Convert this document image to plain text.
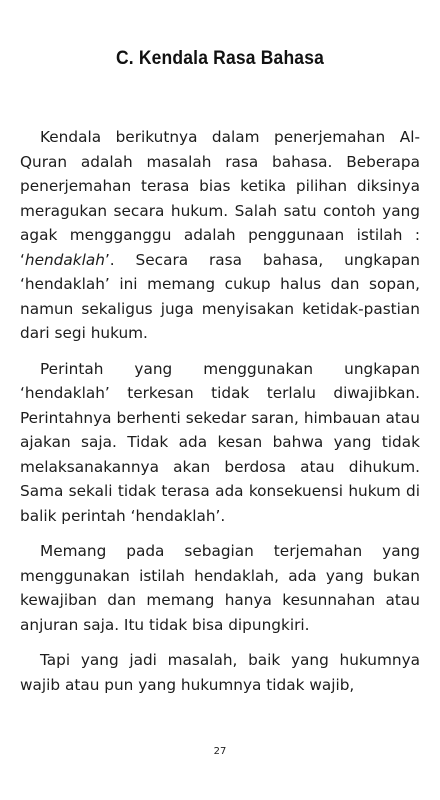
C. Kendala Rasa Bahasa

Kendala berikutnya dalam penerjemahan Al-Quran adalah masalah rasa bahasa. Beberapa penerjemahan terasa bias ketika pilihan diksinya meragukan secara hukum. Salah satu contoh yang agak mengganggu adalah penggunaan istilah : ‘hendaklah’. Secara rasa bahasa, ungkapan ‘hendaklah’ ini memang cukup halus dan sopan, namun sekaligus juga menyisakan ketidak-pastian dari segi hukum.

Perintah yang menggunakan ungkapan ‘hendaklah’ terkesan tidak terlalu diwajibkan. Perintahnya berhenti sekedar saran, himbauan atau ajakan saja. Tidak ada kesan bahwa yang tidak melaksanakannya akan berdosa atau dihukum. Sama sekali tidak terasa ada konsekuensi hukum di balik perintah ‘hendaklah’.

Memang pada sebagian terjemahan yang menggunakan istilah hendaklah, ada yang bukan kewajiban dan memang hanya kesunnahan atau anjuran saja. Itu tidak bisa dipungkiri.

Tapi yang jadi masalah, baik yang hukumnya wajib atau pun yang hukumnya tidak wajib,

27
